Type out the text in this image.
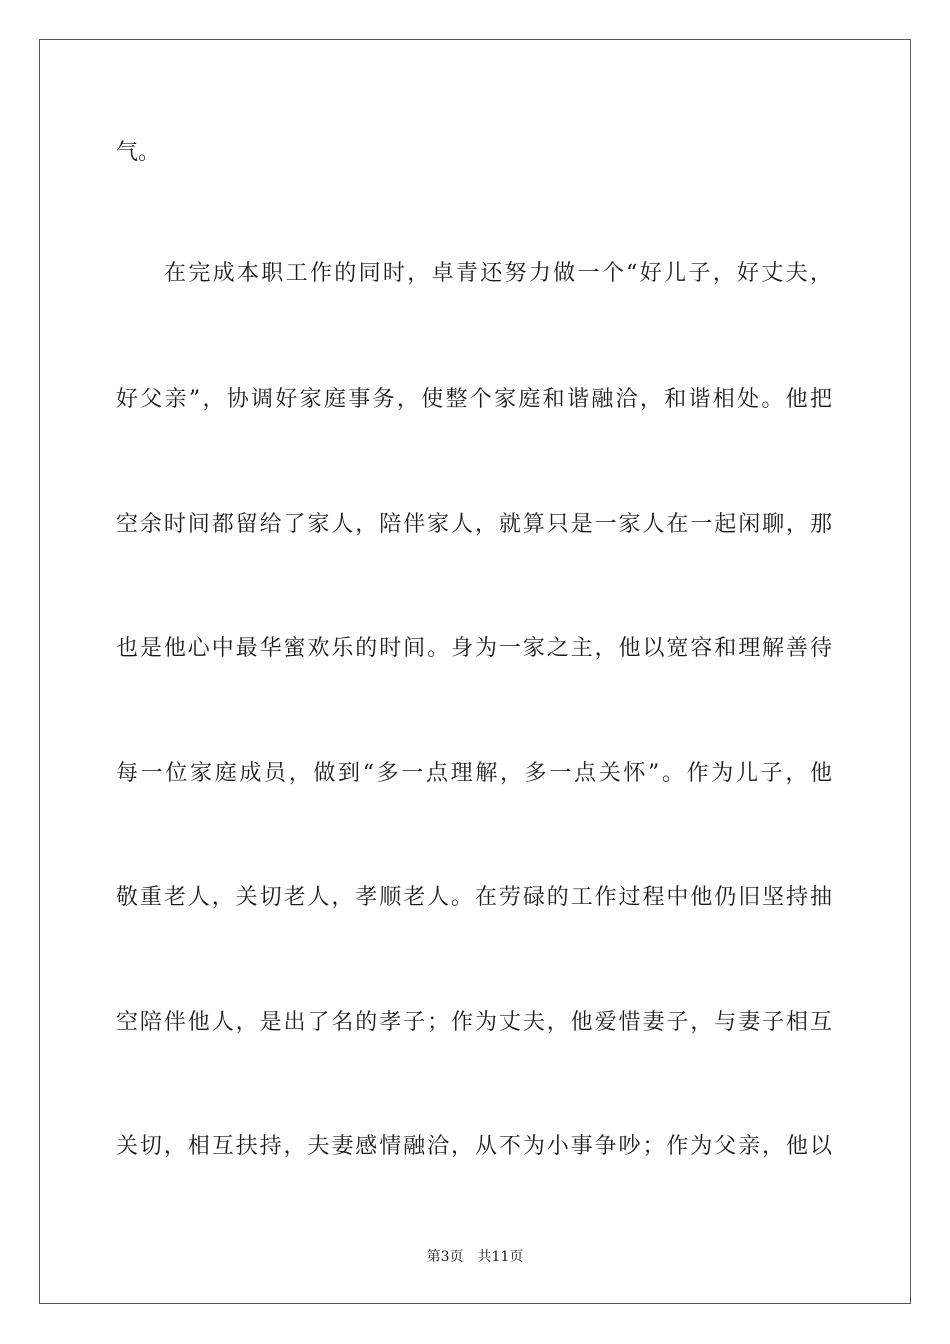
气。
在完成本职工作的同时，卓青还努力做一个“好儿子，好丈夫，
好父亲”，协调好家庭事务，使整个家庭和谐融洽，和谐相处。他把
空余时间都留给了家人，陪伴家人，就算只是一家人在一起闲聊，那
也是他心中最华蜜欢乐的时间。身为一家之主，他以宽容和理解善待
每一位家庭成员，做到“多一点理解，多一点关怀”。作为儿子，他
敬重老人，关切老人，孝顺老人。在劳碌的工作过程中他仍旧坚持抽
空陪伴他人，是出了名的孝子；作为丈夫，他爱惜妻子，与妻子相互
关切，相互扶持，夫妻感情融洽，从不为小事争吵；作为父亲，他以
第3页 共11页
